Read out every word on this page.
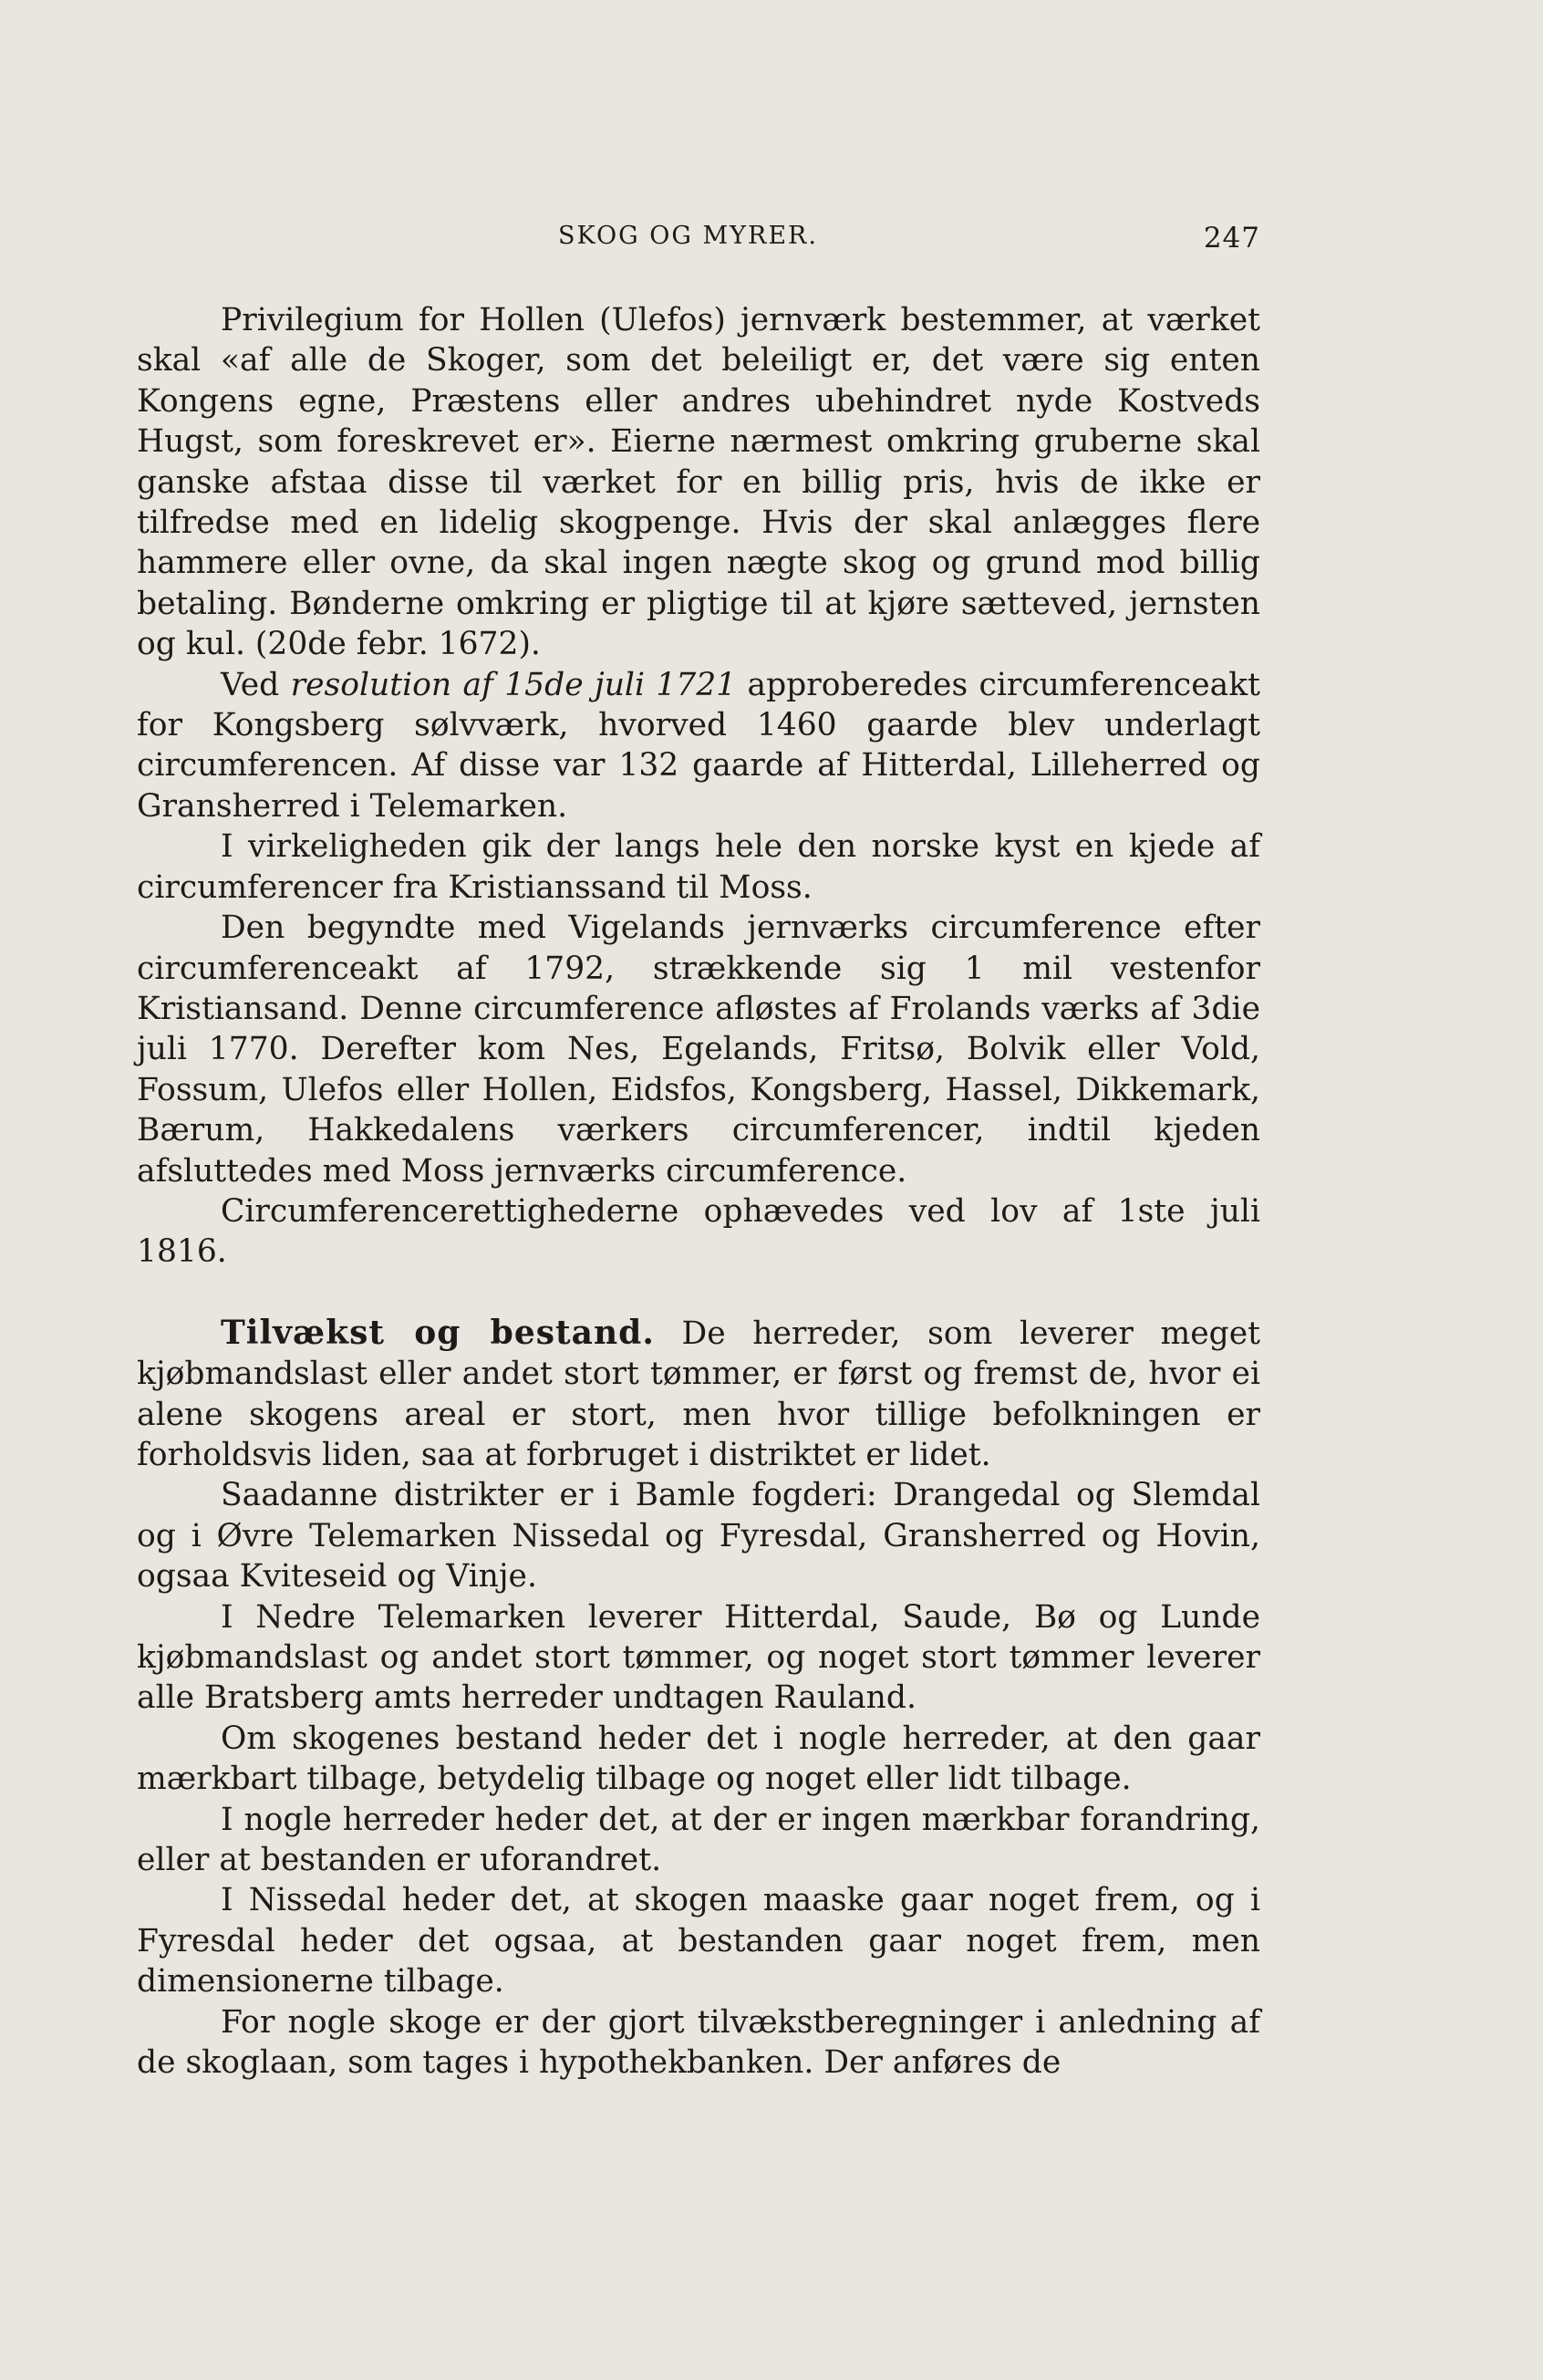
SKOG OG MYRER.	247

Privilegium for Hollen (Ulefos) jernværk bestemmer, at værket skal «af alle de Skoger, som det beleiligt er, det være sig enten Kongens egne, Præstens eller andres ubehindret nyde Kostveds Hugst, som foreskrevet er». Eierne nærmest omkring gruberne skal ganske afstaa disse til værket for en billig pris, hvis de ikke er tilfredse med en lidelig skogpenge. Hvis der skal anlægges flere hammere eller ovne, da skal ingen nægte skog og grund mod billig betaling. Bønderne omkring er pligtige til at kjøre sætteved, jernsten og kul. (20de febr. 1672).

Ved resolution af 15de juli 1721 approberedes circumferenceakt for Kongsberg sølvværk, hvorved 1460 gaarde blev underlagt circumferencen. Af disse var 132 gaarde af Hitterdal, Lilleherred og Gransherred i Telemarken.

I virkeligheden gik der langs hele den norske kyst en kjede af circumferencer fra Kristianssand til Moss.

Den begyndte med Vigelands jernværks circumference efter circumferenceakt af 1792, strækkende sig 1 mil vestenfor Kristiansand. Denne circumference afløstes af Frolands værks af 3die juli 1770. Derefter kom Nes, Egelands, Fritsø, Bolvik eller Vold, Fossum, Ulefos eller Hollen, Eidsfos, Kongsberg, Hassel, Dikkemark, Bærum, Hakkedalens værkers circumferencer, indtil kjeden afsluttedes med Moss jernværks circumference.

Circumferencerettighederne ophævedes ved lov af 1ste juli 1816.

Tilvækst og bestand. De herreder, som leverer meget kjøbmandslast eller andet stort tømmer, er først og fremst de, hvor ei alene skogens areal er stort, men hvor tillige befolkningen er forholdsvis liden, saa at forbruget i distriktet er lidet.

Saadanne distrikter er i Bamle fogderi: Drangedal og Slemdal og i Øvre Telemarken Nissedal og Fyresdal, Gransherred og Hovin, ogsaa Kviteseid og Vinje.

I Nedre Telemarken leverer Hitterdal, Saude, Bø og Lunde kjøbmandslast og andet stort tømmer, og noget stort tømmer leverer alle Bratsberg amts herreder undtagen Rauland.

Om skogenes bestand heder det i nogle herreder, at den gaar mærkbart tilbage, betydelig tilbage og noget eller lidt tilbage.

I nogle herreder heder det, at der er ingen mærkbar forandring, eller at bestanden er uforandret.

I Nissedal heder det, at skogen maaske gaar noget frem, og i Fyresdal heder det ogsaa, at bestanden gaar noget frem, men dimensionerne tilbage.

For nogle skoge er der gjort tilvækstberegninger i anledning af de skoglaan, som tages i hypothekbanken. Der anføres de
